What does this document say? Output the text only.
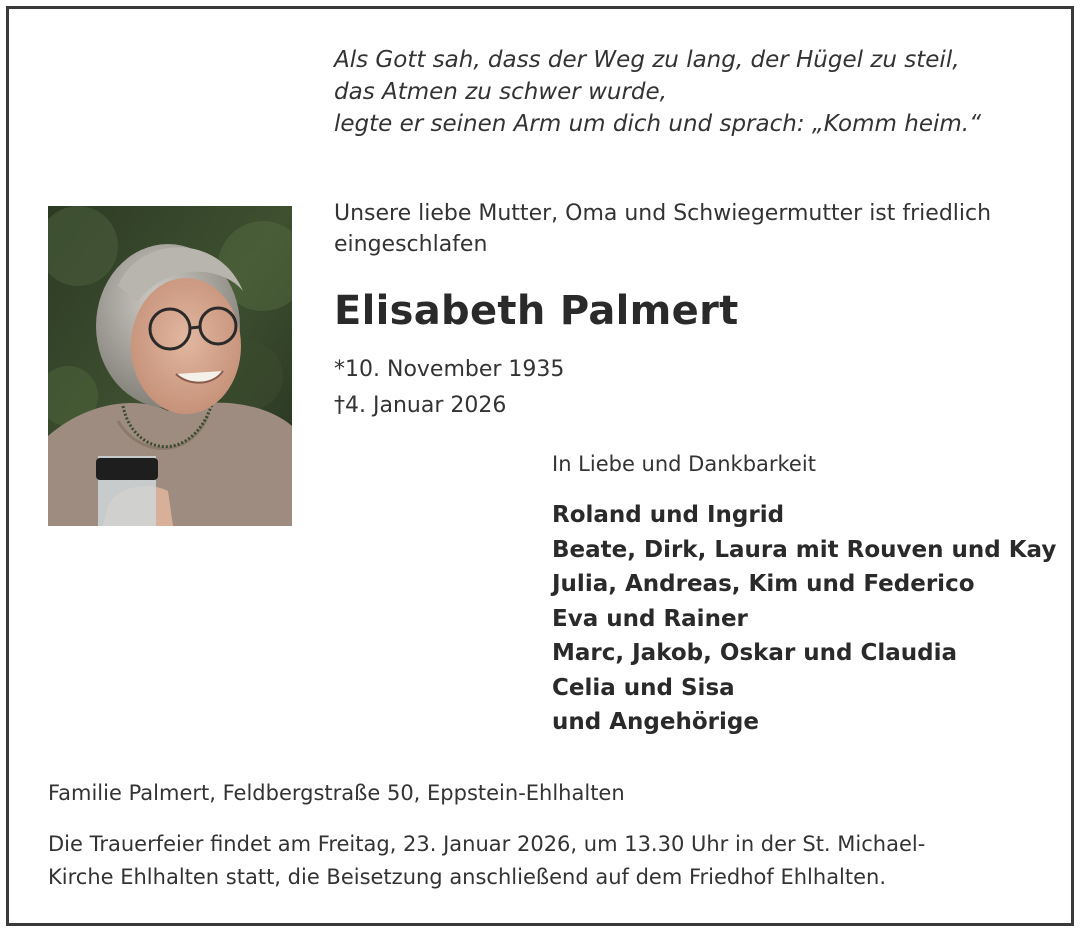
Als Gott sah, dass der Weg zu lang, der Hügel zu steil,
das Atmen zu schwer wurde,
legte er seinen Arm um dich und sprach: „Komm heim.“
Unsere liebe Mutter, Oma und Schwiegermutter ist friedlich
eingeschlafen
Elisabeth Palmert
*10. November 1935
†4. Januar 2026
In Liebe und Dankbarkeit
Roland und Ingrid
Beate, Dirk, Laura mit Rouven und Kay
Julia, Andreas, Kim und Federico
Eva und Rainer
Marc, Jakob, Oskar und Claudia
Celia und Sisa
und Angehörige
Familie Palmert, Feldbergstraße 50, Eppstein-Ehlhalten
Die Trauerfeier findet am Freitag, 23. Januar 2026, um 13.30 Uhr in der St. Michael-
Kirche Ehlhalten statt, die Beisetzung anschließend auf dem Friedhof Ehlhalten.
